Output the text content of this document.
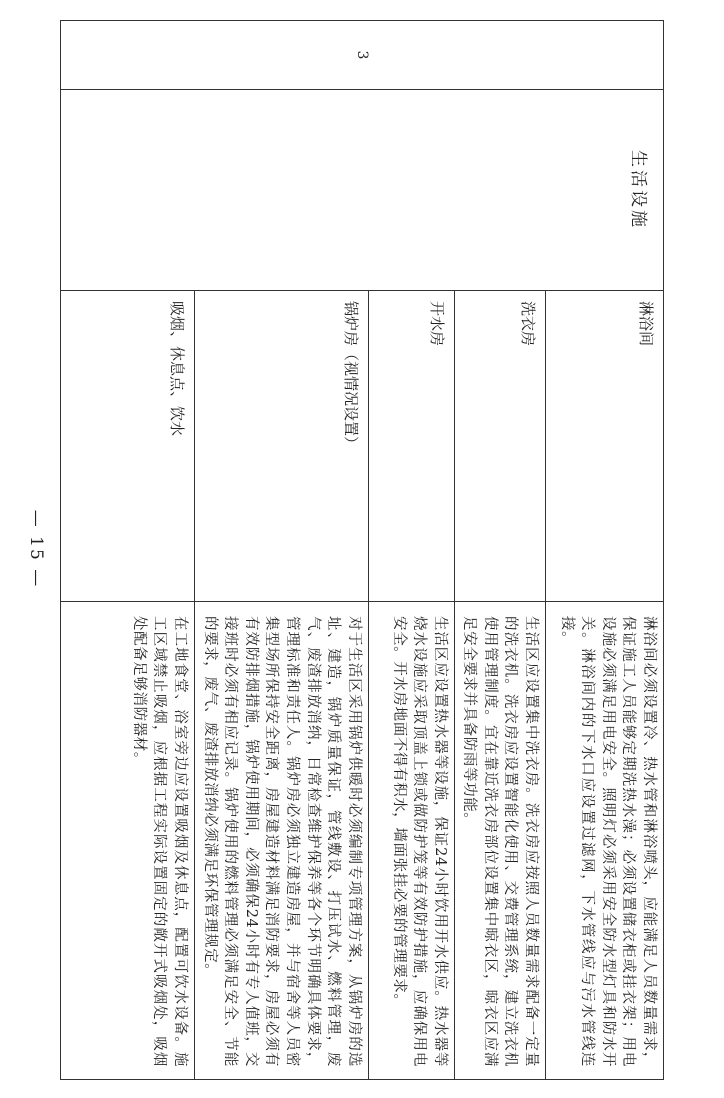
3	生活设施	淋浴间	淋浴间必须设置冷、热水管和淋浴喷头，应能满足人员数量需求，保证施工人员能够定期洗热水澡；必须设置储衣柜或挂衣架；用电设施必须满足用电安全。照明灯必须采用安全防水型灯具和防水开关。淋浴间内的下水口应设置过滤网，下水管线应与污水管线连接。
		洗衣房	生活区应设置集中洗衣房。洗衣房应按照人员数量需求配备一定量的洗衣机。洗衣房应设置智能化使用、交费管理系统，建立洗衣机使用管理制度。宜在靠近洗衣房部位设置集中晾衣区，晾衣区应满足安全要求并具备防雨等功能。
		开水房	生活区应设置热水器等设施，保证24小时饮用开水供应。热水器等烧水设施应采取顶盖上锁或做防护笼等有效防护措施，应确保用电安全。开水房地面不得有积水，墙面张挂必要的管理要求。
		锅炉房（视情况设置）	对于生活区采用锅炉供暖时必须编制专项管理方案，从锅炉房的选址、建造，锅炉质量保证，管线敷设、打压试水、燃料管理，废气、废渣排放消纳，日常检查维护保养等各个环节明确具体要求，管理标准和责任人。锅炉房必须独立建造房屋，并与宿舍等人员密集型场所保持安全距离，房屋建造材料满足消防要求，房屋必须有有效防排烟措施，锅炉使用期间，必须确保24小时有专人值班，交接班时必须有相应记录。锅炉使用的燃料管理必须满足安全、节能的要求，废气、废渣排放消纳必须满足环保管理规定。
		吸烟、休息点、饮水	在工地食堂、浴室旁边应设置吸烟及休息点，配置可饮水设备。施工区域禁止吸烟，应根据工程实际设置固定的敞开式吸烟处，吸烟处配备足够消防器材。
— 15 —
